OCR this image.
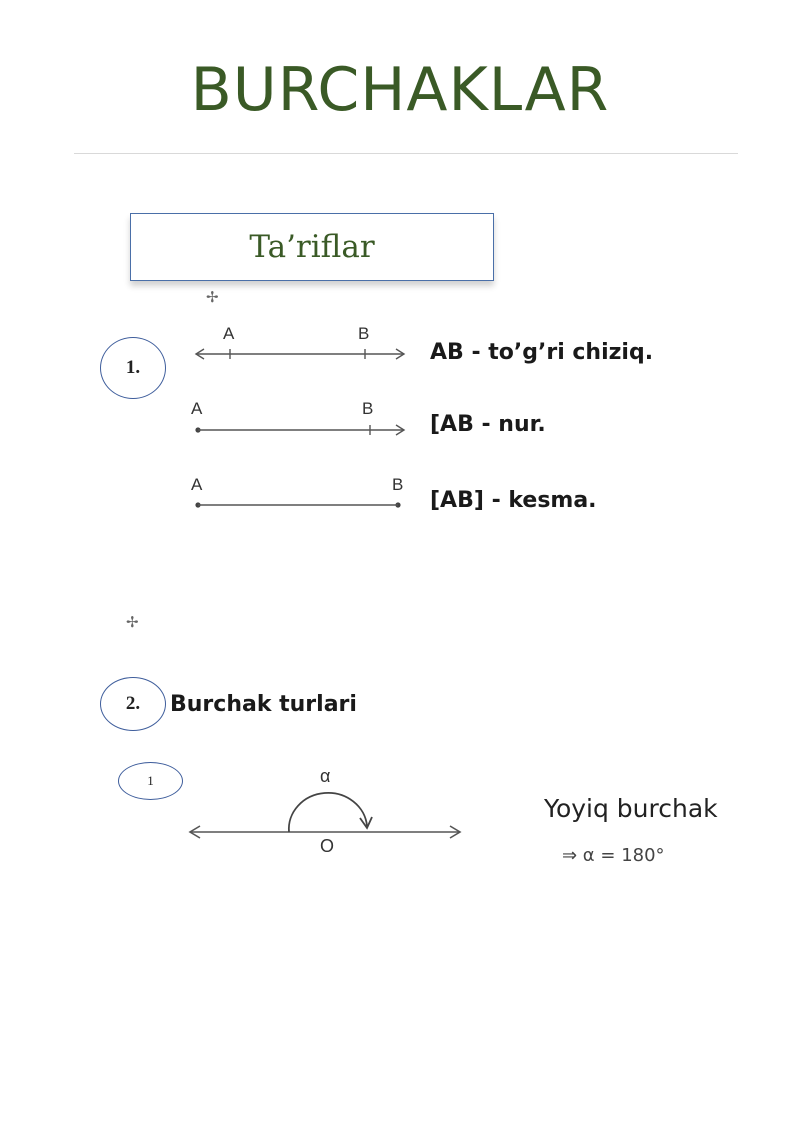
BURCHAKLAR
Ta’riflar
✢
1.
A	B
AB - to’g’ri chiziq.
A	B
[AB - nur.
A	B
[AB] - kesma.
✢
2.	Burchak turlari
1	α
O
Yoyiq burchak
⇒ α = 180°
